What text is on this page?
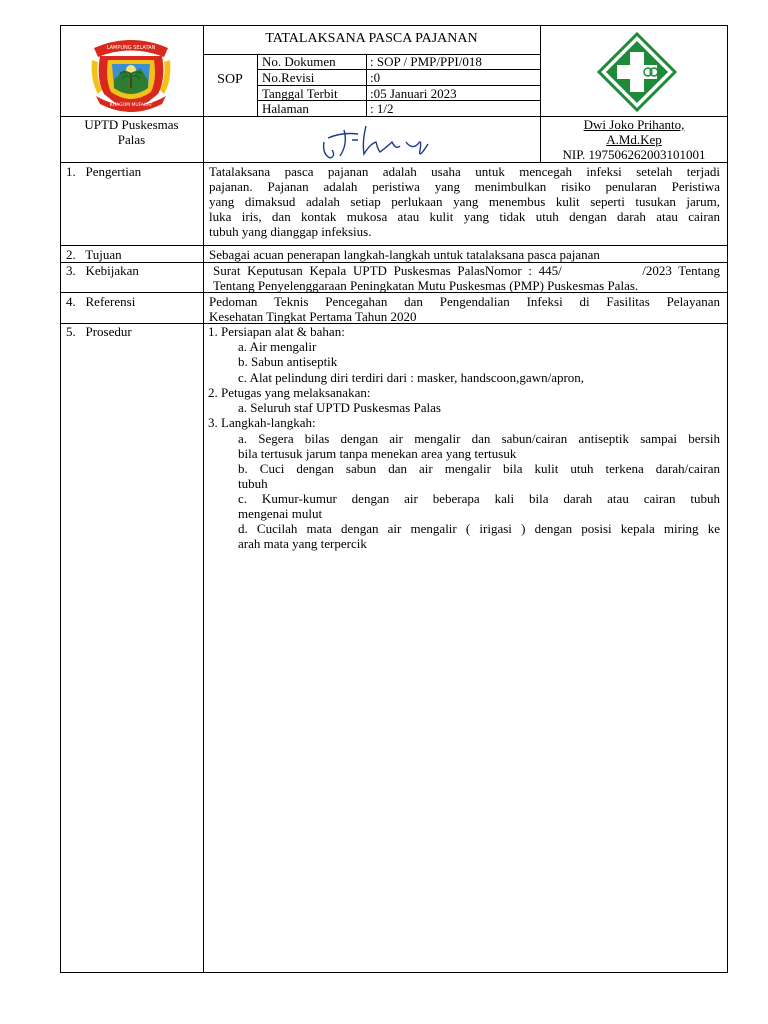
LAMPUNG SELATAN
KHAGOM MUFAKAT
TATALAKSANA PASCA PAJANAN
SOP
No. Dokumen	: SOP / PMP/PPI/018
No.Revisi	:0
Tanggal Terbit :05 Januari 2023
Halaman	: 1/2
UPTD Puskesmas
Palas
Dwi Joko Prihanto,
A.Md.Kep
NIP. 197506262003101001
1.   Pengertian	Tatalaksana pasca pajanan adalah usaha untuk mencegah infeksi setelah terjadi
pajanan. Pajanan adalah peristiwa yang menimbulkan risiko penularan Peristiwa
yang dimaksud adalah setiap perlukaan yang menembus kulit seperti tusukan jarum,
luka iris, dan kontak mukosa atau kulit yang tidak utuh dengan darah atau cairan
tubuh yang dianggap infeksius.
2.   Tujuan	Sebagai acuan penerapan langkah-langkah untuk tatalaksana pasca pajanan
3.   Kebijakan	Surat Keputusan Kepala UPTD Puskesmas PalasNomor : 445/            /2023 Tentang
Tentang Penyelenggaraan Peningkatan Mutu Puskesmas (PMP) Puskesmas Palas.
4.   Referensi	Pedoman Teknis Pencegahan dan Pengendalian Infeksi di Fasilitas Pelayanan
Kesehatan Tingkat Pertama Tahun 2020
5.   Prosedur	1. Persiapan alat & bahan:
a. Air mengalir
b. Sabun antiseptik
c. Alat pelindung diri terdiri dari : masker, handscoon,gawn/apron,
2. Petugas yang melaksanakan:
a. Seluruh staf UPTD Puskesmas Palas
3. Langkah-langkah:
a. Segera bilas dengan air mengalir dan sabun/cairan antiseptik sampai bersih
bila tertusuk jarum tanpa menekan area yang tertusuk
b. Cuci dengan sabun dan air mengalir bila kulit utuh terkena darah/cairan
tubuh
c. Kumur-kumur dengan air beberapa kali bila darah atau cairan tubuh
mengenai mulut
d. Cucilah mata dengan air mengalir ( irigasi ) dengan posisi kepala miring ke
arah mata yang terpercik
